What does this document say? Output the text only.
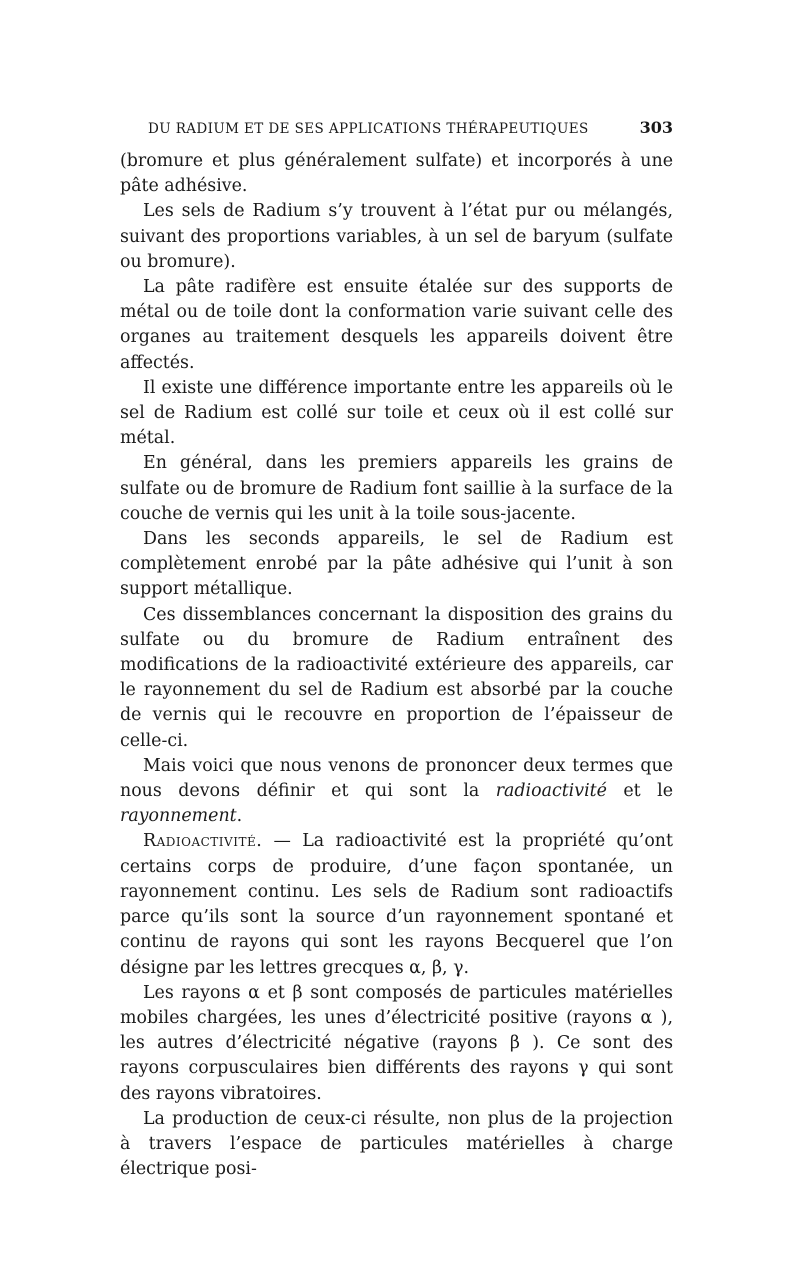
DU RADIUM ET DE SES APPLICATIONS THÉRAPEUTIQUES	303

(bromure et plus généralement sulfate) et incorporés à une pâte adhésive.

Les sels de Radium s’y trouvent à l’état pur ou mélangés, suivant des proportions variables, à un sel de baryum (sulfate ou bromure).

La pâte radifère est ensuite étalée sur des supports de métal ou de toile dont la conformation varie suivant celle des organes au traitement desquels les appareils doivent être affectés.

Il existe une différence importante entre les appareils où le sel de Radium est collé sur toile et ceux où il est collé sur métal.

En général, dans les premiers appareils les grains de sulfate ou de bromure de Radium font saillie à la surface de la couche de vernis qui les unit à la toile sous-jacente.

Dans les seconds appareils, le sel de Radium est complètement enrobé par la pâte adhésive qui l’unit à son support métallique.

Ces dissemblances concernant la disposition des grains du sulfate ou du bromure de Radium entraînent des modifications de la radioactivité extérieure des appareils, car le rayonnement du sel de Radium est absorbé par la couche de vernis qui le recouvre en proportion de l’épaisseur de celle-ci.

Mais voici que nous venons de prononcer deux termes que nous devons définir et qui sont la radioactivité et le rayonnement.

Radioactivité. — La radioactivité est la propriété qu’ont certains corps de produire, d’une façon spontanée, un rayonnement continu. Les sels de Radium sont radioactifs parce qu’ils sont la source d’un rayonnement spontané et continu de rayons qui sont les rayons Becquerel que l’on désigne par les lettres grecques α, β, γ.

Les rayons α et β sont composés de particules matérielles mobiles chargées, les unes d’électricité positive (rayons α ), les autres d’électricité négative (rayons β ). Ce sont des rayons corpusculaires bien différents des rayons γ qui sont des rayons vibratoires.

La production de ceux-ci résulte, non plus de la projection à travers l’espace de particules matérielles à charge électrique posi-
